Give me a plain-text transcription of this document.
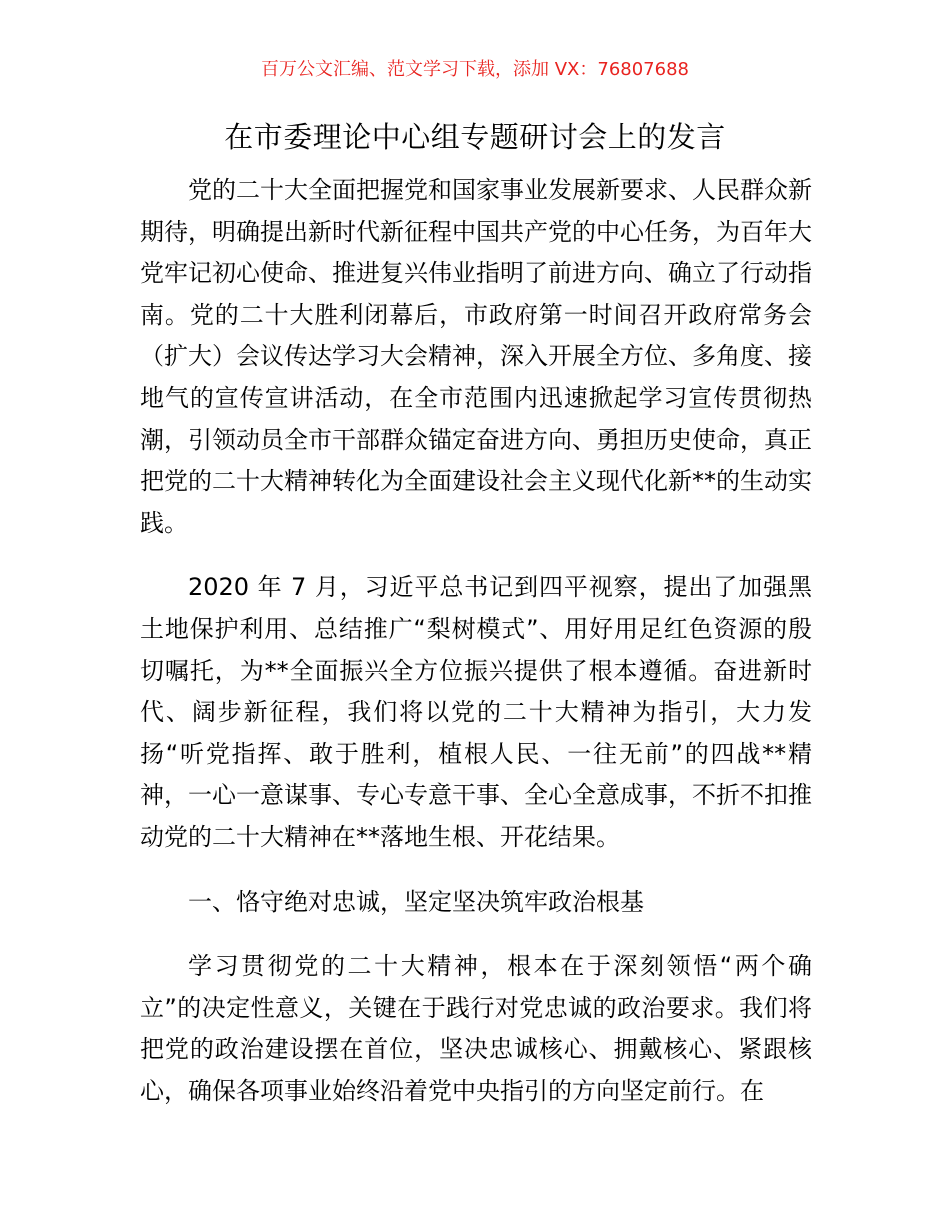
百万公文汇编、范文学习下载，添加 VX：76807688
在市委理论中心组专题研讨会上的发言

党的二十大全面把握党和国家事业发展新要求、人民群众新期待，明确提出新时代新征程中国共产党的中心任务，为百年大党牢记初心使命、推进复兴伟业指明了前进方向、确立了行动指南。党的二十大胜利闭幕后，市政府第一时间召开政府常务会（扩大）会议传达学习大会精神，深入开展全方位、多角度、接地气的宣传宣讲活动，在全市范围内迅速掀起学习宣传贯彻热潮，引领动员全市干部群众锚定奋进方向、勇担历史使命，真正把党的二十大精神转化为全面建设社会主义现代化新**的生动实践。

2020 年 7 月，习近平总书记到四平视察，提出了加强黑土地保护利用、总结推广“梨树模式”、用好用足红色资源的殷切嘱托，为**全面振兴全方位振兴提供了根本遵循。奋进新时代、阔步新征程，我们将以党的二十大精神为指引，大力发扬“听党指挥、敢于胜利，植根人民、一往无前”的四战**精神，一心一意谋事、专心专意干事、全心全意成事，不折不扣推动党的二十大精神在**落地生根、开花结果。

一、恪守绝对忠诚，坚定坚决筑牢政治根基

学习贯彻党的二十大精神，根本在于深刻领悟“两个确立”的决定性意义，关键在于践行对党忠诚的政治要求。我们将把党的政治建设摆在首位，坚决忠诚核心、拥戴核心、紧跟核心，确保各项事业始终沿着党中央指引的方向坚定前行。在
